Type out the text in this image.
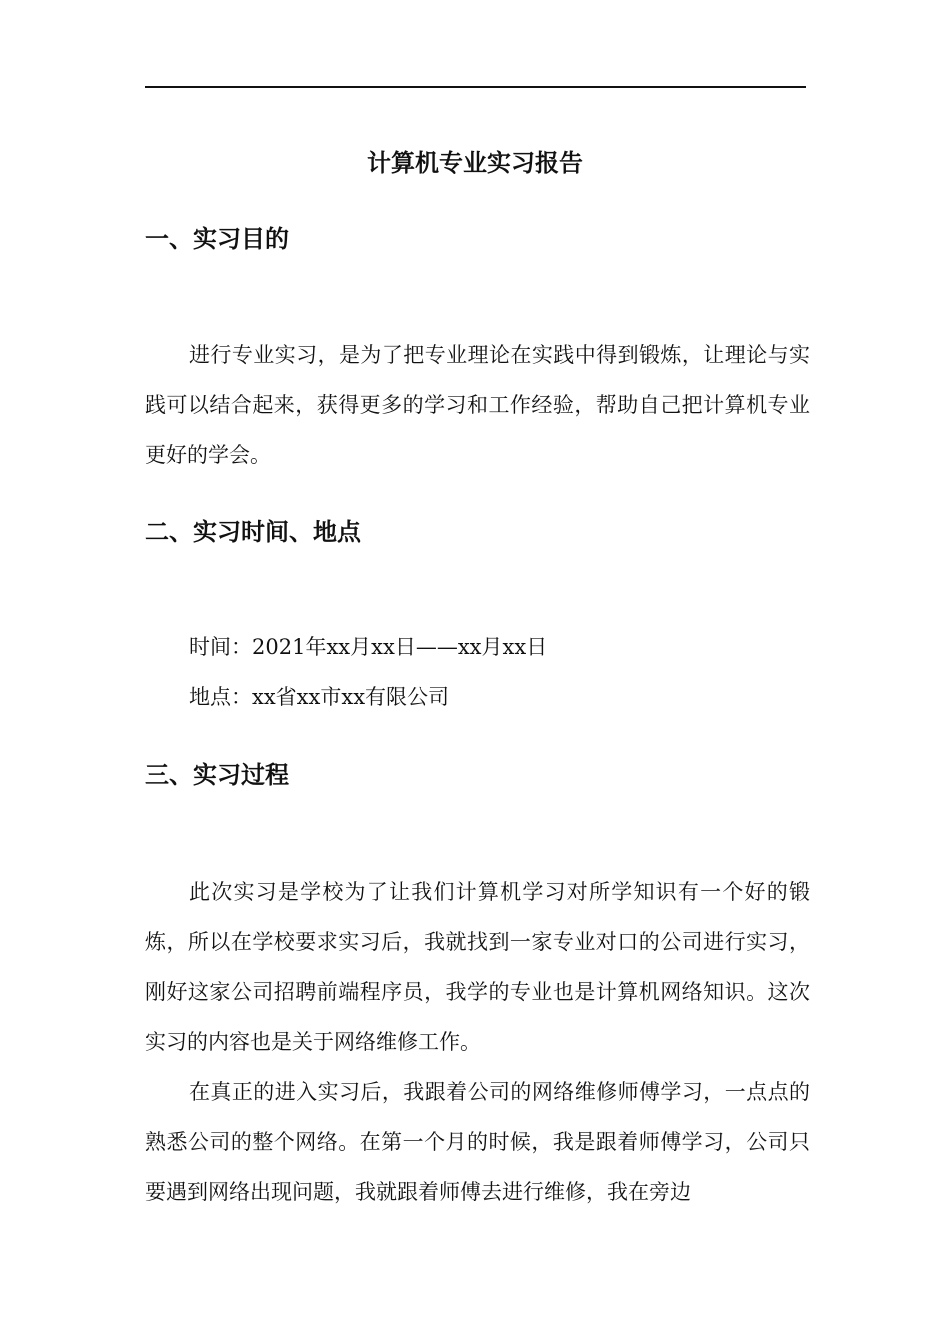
计算机专业实习报告
一、实习目的

进行专业实习，是为了把专业理论在实践中得到锻炼，让理论与实践可以结合起来，获得更多的学习和工作经验，帮助自己把计算机专业更好的学会。

二、实习时间、地点
时间：2021年xx月xx日——xx月xx日
地点：xx省xx市xx有限公司
三、实习过程

此次实习是学校为了让我们计算机学习对所学知识有一个好的锻炼，所以在学校要求实习后，我就找到一家专业对口的公司进行实习，刚好这家公司招聘前端程序员，我学的专业也是计算机网络知识。这次实习的内容也是关于网络维修工作。

在真正的进入实习后，我跟着公司的网络维修师傅学习，一点点的熟悉公司的整个网络。在第一个月的时候，我是跟着师傅学习，公司只要遇到网络出现问题，我就跟着师傅去进行维修，我在旁边
